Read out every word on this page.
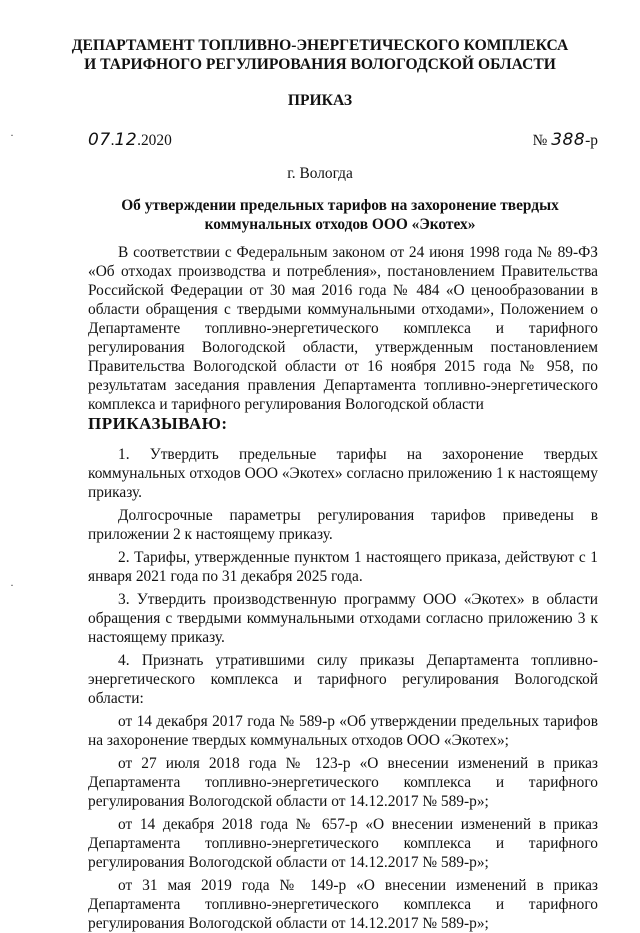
·
·
ДЕПАРТАМЕНТ ТОПЛИВНО-ЭНЕРГЕТИЧЕСКОГО КОМПЛЕКСА
И ТАРИФНОГО РЕГУЛИРОВАНИЯ ВОЛОГОДСКОЙ ОБЛАСТИ
ПРИКАЗ
07.12.2020	№ 388-р
г. Вологда
Об утверждении предельных тарифов на захоронение твердых
коммунальных отходов ООО «Экотех»

В соответствии с Федеральным законом от 24 июня 1998 года № 89-ФЗ «Об отходах производства и потребления», постановлением Правительства Российской Федерации от 30 мая 2016 года № 484 «О ценообразовании в области обращения с твердыми коммунальными отходами», Положением о Департаменте топливно-энергетического комплекса и тарифного регулирования Вологодской области, утвержденным постановлением Правительства Вологодской области от 16 ноября 2015 года № 958, по результатам заседания правления Департамента топливно-энергетического комплекса и тарифного регулирования Вологодской области

ПРИКАЗЫВАЮ:

1. Утвердить предельные тарифы на захоронение твердых коммунальных отходов ООО «Экотех» согласно приложению 1 к настоящему приказу.

Долгосрочные параметры регулирования тарифов приведены в приложении 2 к настоящему приказу.

2. Тарифы, утвержденные пунктом 1 настоящего приказа, действуют с 1 января 2021 года по 31 декабря 2025 года.

3. Утвердить производственную программу ООО «Экотех» в области обращения с твердыми коммунальными отходами согласно приложению 3 к настоящему приказу.

4. Признать утратившими силу приказы Департамента топливно-энергетического комплекса и тарифного регулирования Вологодской области:

от 14 декабря 2017 года № 589-р «Об утверждении предельных тарифов на захоронение твердых коммунальных отходов ООО «Экотех»;

от 27 июля 2018 года № 123-р «О внесении изменений в приказ Департамента топливно-энергетического комплекса и тарифного регулирования Вологодской области от 14.12.2017 № 589-р»;

от 14 декабря 2018 года № 657-р «О внесении изменений в приказ Департамента топливно-энергетического комплекса и тарифного регулирования Вологодской области от 14.12.2017 № 589-р»;

от 31 мая 2019 года № 149-р «О внесении изменений в приказ Департамента топливно-энергетического комплекса и тарифного регулирования Вологодской области от 14.12.2017 № 589-р»;
